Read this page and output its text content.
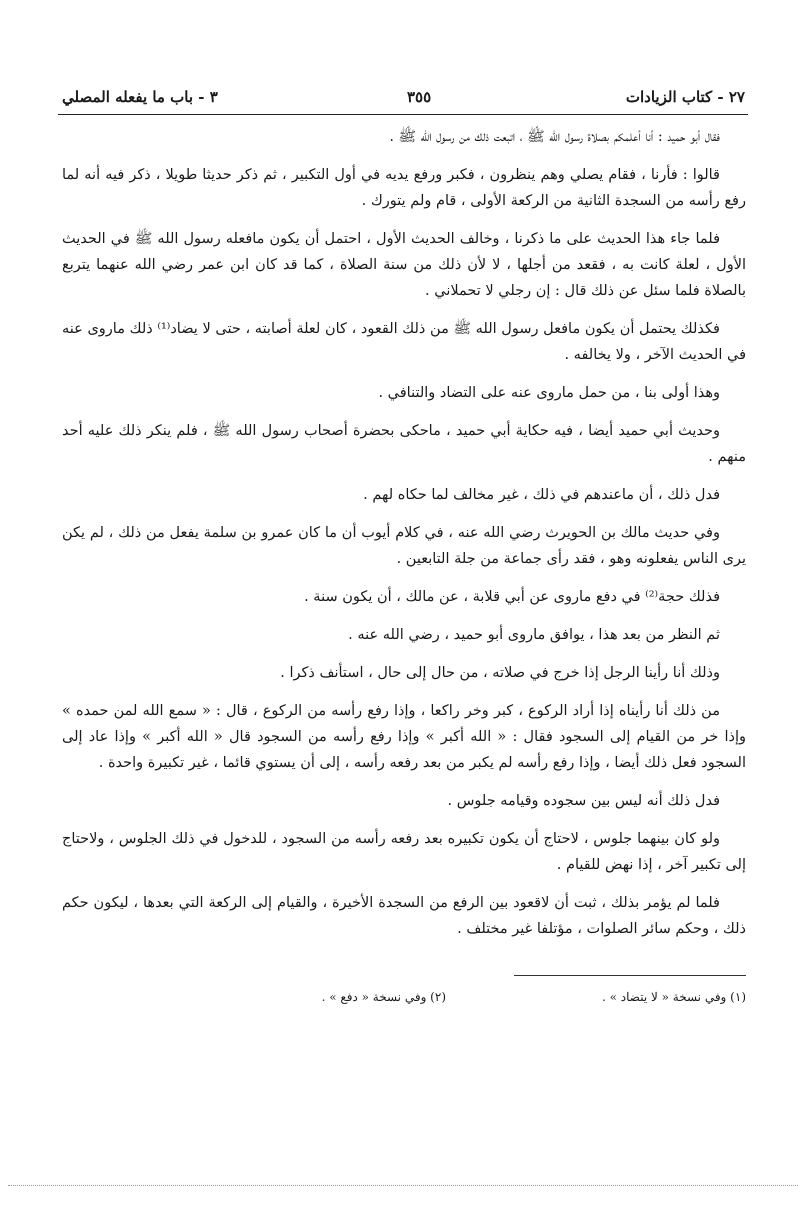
٢٧ - كتاب الزيادات
٣٥٥
٣ - باب ما يفعله المصلي

فقال أبو حميد : أنا أعلمكم بصلاة رسول الله ﷺ ، اتبعت ذلك من رسول الله ﷺ .

قالوا : فأرنا ، فقام يصلي وهم ينظرون ، فكبر ورفع يديه في أول التكبير ، ثم ذكر حديثا طويلا ، ذكر فيه أنه لما رفع رأسه من السجدة الثانية من الركعة الأولى ، قام ولم يتورك .

فلما جاء هذا الحديث على ما ذكرنا ، وخالف الحديث الأول ، احتمل أن يكون مافعله رسول الله ﷺ في الحديث الأول ، لعلة كانت به ، فقعد من أجلها ، لا لأن ذلك من سنة الصلاة ، كما قد كان ابن عمر رضي الله عنهما يتربع بالصلاة فلما سئل عن ذلك قال : إن رجلي لا تحملاني .

فكذلك يحتمل أن يكون مافعل رسول الله ﷺ من ذلك القعود ، كان لعلة أصابته ، حتى لا يضاد⁽¹⁾ ذلك ماروى عنه في الحديث الآخر ، ولا يخالفه .

وهذا أولى بنا ، من حمل ماروى عنه على التضاد والتنافي .

وحديث أبي حميد أيضا ، فيه حكاية أبي حميد ، ماحكى بحضرة أصحاب رسول الله ﷺ ، فلم ينكر ذلك عليه أحد منهم .

فدل ذلك ، أن ماعندهم في ذلك ، غير مخالف لما حكاه لهم .

وفي حديث مالك بن الحويرث رضي الله عنه ، في كلام أيوب أن ما كان عمرو بن سلمة يفعل من ذلك ، لم يكن يرى الناس يفعلونه وهو ، فقد رأى جماعة من جلة التابعين .

فذلك حجة⁽²⁾ في دفع ماروى عن أبي قلابة ، عن مالك ، أن يكون سنة .

ثم النظر من بعد هذا ، يوافق ماروى أبو حميد ، رضي الله عنه .

وذلك أنا رأينا الرجل إذا خرج في صلاته ، من حال إلى حال ، استأنف ذكرا .

من ذلك أنا رأيناه إذا أراد الركوع ، كبر وخر راكعا ، وإذا رفع رأسه من الركوع ، قال : « سمع الله لمن حمده » وإذا خر من القيام إلى السجود فقال : « الله أكبر » وإذا رفع رأسه من السجود قال « الله أكبر » وإذا عاد إلى السجود فعل ذلك أيضا ، وإذا رفع رأسه لم يكبر من بعد رفعه رأسه ، إلى أن يستوي قائما ، غير تكبيرة واحدة .

فدل ذلك أنه ليس بين سجوده وقيامه جلوس .

ولو كان بينهما جلوس ، لاحتاج أن يكون تكبيره بعد رفعه رأسه من السجود ، للدخول في ذلك الجلوس ، ولاحتاج إلى تكبير آخر ، إذا نهض للقيام .

فلما لم يؤمر بذلك ، ثبت أن لاقعود بين الرفع من السجدة الأخيرة ، والقيام إلى الركعة التي بعدها ، ليكون حكم ذلك ، وحكم سائر الصلوات ، مؤتلفا غير مختلف .

(١) وفي نسخة « لا يتضاد » .
(٢) وفي نسخة « دفع » .
